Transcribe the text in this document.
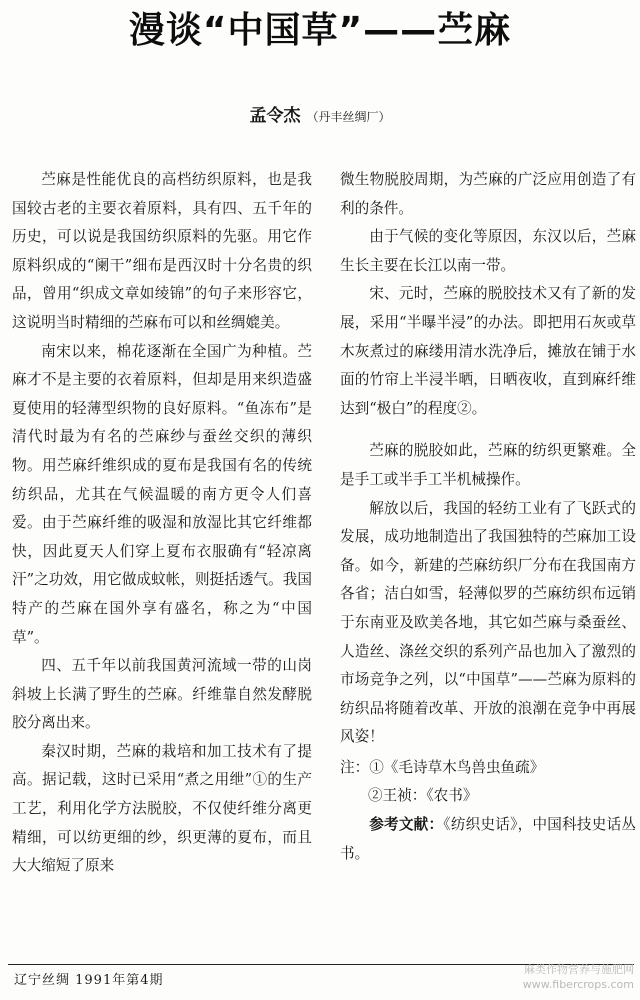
漫谈“中国草”——苎麻
孟令杰 （丹丰丝绸厂）

苎麻是性能优良的高档纺织原料，也是我国较古老的主要衣着原料，具有四、五千年的历史，可以说是我国纺织原料的先驱。用它作原料织成的“阑干”细布是西汉时十分名贵的织品，曾用“织成文章如绫锦”的句子来形容它，这说明当时精细的苎麻布可以和丝绸媲美。

南宋以来，棉花逐渐在全国广为种植。苎麻才不是主要的衣着原料，但却是用来织造盛夏使用的轻薄型织物的良好原料。“鱼冻布”是清代时最为有名的苎麻纱与蚕丝交织的薄织物。用苎麻纤维织成的夏布是我国有名的传统纺织品，尤其在气候温暖的南方更令人们喜爱。由于苎麻纤维的吸湿和放湿比其它纤维都快，因此夏天人们穿上夏布衣服确有“轻凉离汗”之功效，用它做成蚊帐，则挺括透气。我国特产的苎麻在国外享有盛名，称之为“中国草”。

四、五千年以前我国黄河流域一带的山岗斜坡上长满了野生的苎麻。纤维靠自然发酵脱胶分离出来。

秦汉时期，苎麻的栽培和加工技术有了提高。据记载，这时已采用“煮之用绁”①的生产工艺，利用化学方法脱胶，不仅使纤维分离更精细，可以纺更细的纱，织更薄的夏布，而且大大缩短了原来

微生物脱胶周期，为苎麻的广泛应用创造了有利的条件。

由于气候的变化等原因，东汉以后，苎麻生长主要在长江以南一带。

宋、元时，苎麻的脱胶技术又有了新的发展，采用“半曝半浸”的办法。即把用石灰或草木灰煮过的麻缕用清水洗净后，摊放在铺于水面的竹帘上半浸半晒，日晒夜收，直到麻纤维达到“极白”的程度②。

苎麻的脱胶如此，苎麻的纺织更繁难。全是手工或半手工半机械操作。

解放以后，我国的轻纺工业有了飞跃式的发展，成功地制造出了我国独特的苎麻加工设备。如今，新建的苎麻纺织厂分布在我国南方各省；洁白如雪，轻薄似罗的苎麻纺织布远销于东南亚及欧美各地，其它如苎麻与桑蚕丝、人造丝、涤丝交织的系列产品也加入了激烈的市场竞争之列，以“中国草”——苎麻为原料的纺织品将随着改革、开放的浪潮在竞争中再展风姿！

注：①《毛诗草木鸟兽虫鱼疏》
②王祯：《农书》

参考文献：《纺织史话》，中国科技史话丛书。

辽宁丝绸 1991年第4期
麻类作物营养与施肥网
www.fibercrops.com
